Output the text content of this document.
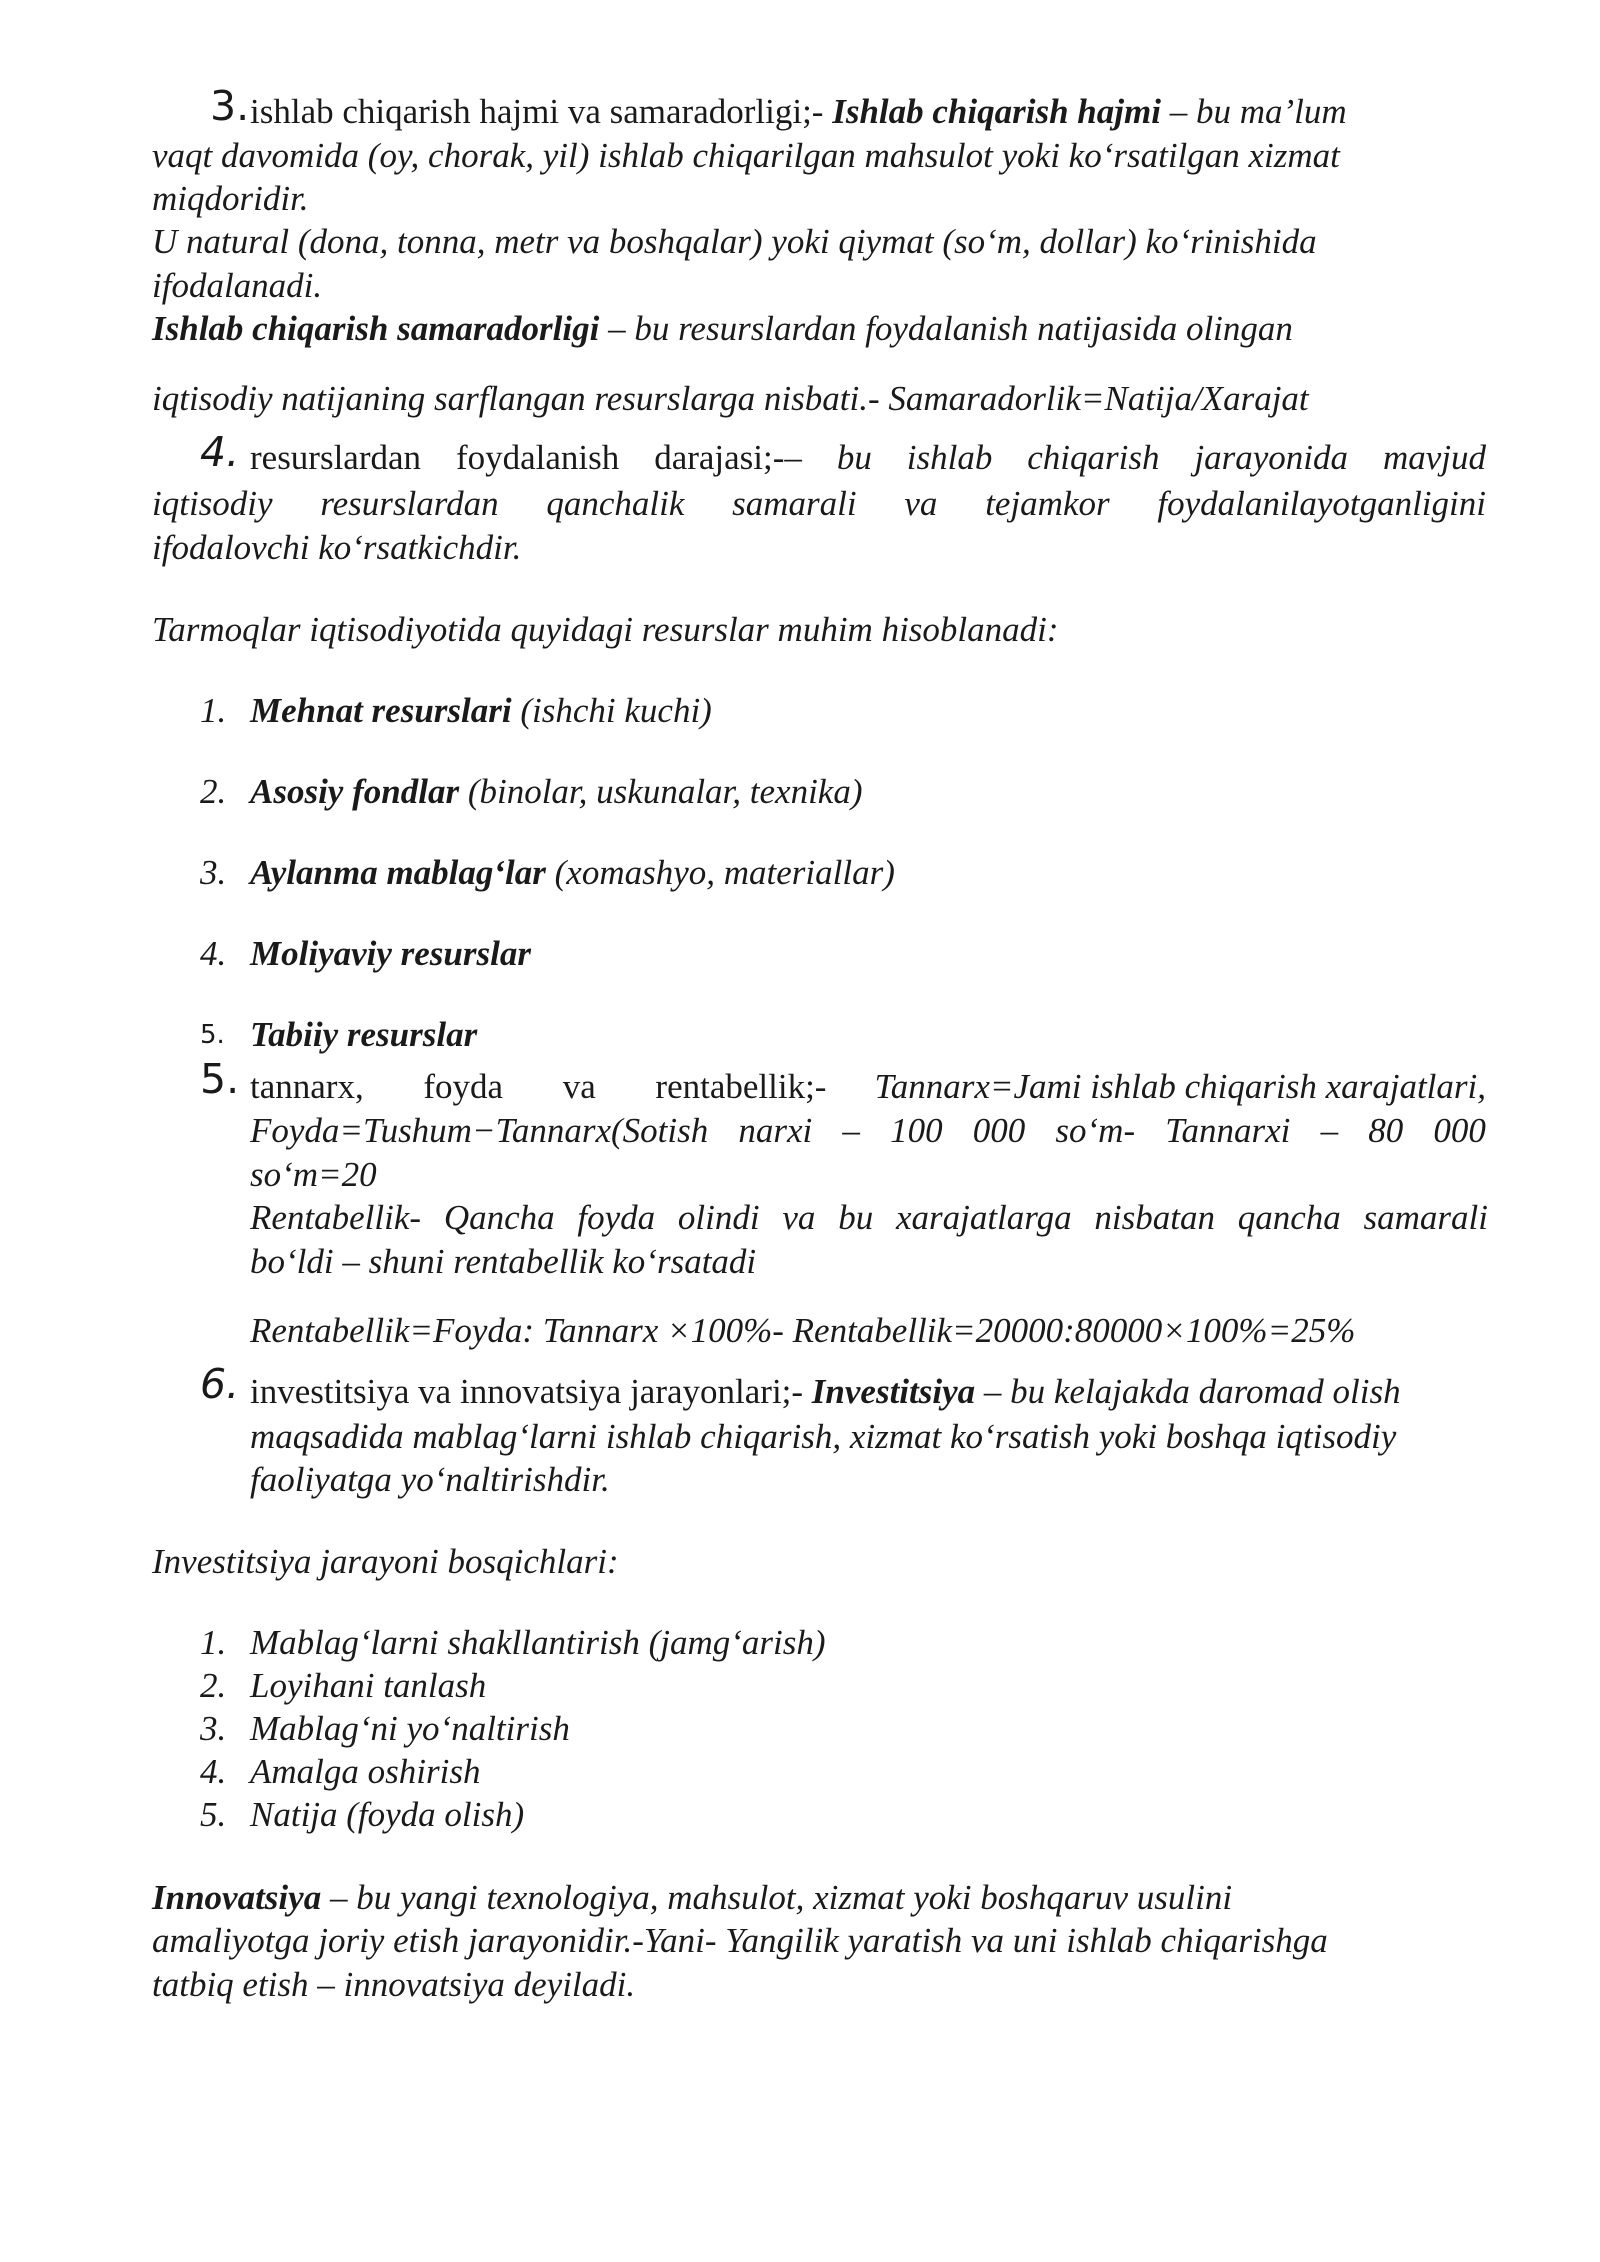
3. ishlab chiqarish hajmi va samaradorligi;- Ishlab chiqarish hajmi – bu ma’lum
vaqt davomida (oy, chorak, yil) ishlab chiqarilgan mahsulot yoki ko‘rsatilgan xizmat
miqdoridir.
U natural (dona, tonna, metr va boshqalar) yoki qiymat (so‘m, dollar) ko‘rinishida
ifodalanadi.
Ishlab chiqarish samaradorligi – bu resurslardan foydalanish natijasida olingan
iqtisodiy natijaning sarflangan resurslarga nisbati.- Samaradorlik=Natija/Xarajat
4. resurslardan foydalanish darajasi;-– bu ishlab chiqarish jarayonida mavjud
iqtisodiy resurslardan qanchalik samarali va tejamkor foydalanilayotganligini
ifodalovchi ko‘rsatkichdir.
Tarmoqlar iqtisodiyotida quyidagi resurslar muhim hisoblanadi:
1. Mehnat resurslari (ishchi kuchi)
2. Asosiy fondlar (binolar, uskunalar, texnika)
3. Aylanma mablag‘lar (xomashyo, materiallar)
4. Moliyaviy resurslar
5. Tabiiy resurslar
5. tannarx, foyda va rentabellik;- Tannarx=Jami ishlab chiqarish xarajatlari,
Foyda=Tushum−Tannarx(Sotish narxi – 100 000 so‘m- Tannarxi – 80 000
so‘m=20
Rentabellik- Qancha foyda olindi va bu xarajatlarga nisbatan qancha samarali
bo‘ldi – shuni rentabellik ko‘rsatadi
Rentabellik=Foyda: Tannarx ×100%- Rentabellik=20000:80000×100%=25%
6. investitsiya va innovatsiya jarayonlari;- Investitsiya – bu kelajakda daromad olish
maqsadida mablag‘larni ishlab chiqarish, xizmat ko‘rsatish yoki boshqa iqtisodiy
faoliyatga yo‘naltirishdir.
Investitsiya jarayoni bosqichlari:
1. Mablag‘larni shakllantirish (jamg‘arish)
2. Loyihani tanlash
3. Mablag‘ni yo‘naltirish
4. Amalga oshirish
5. Natija (foyda olish)
Innovatsiya – bu yangi texnologiya, mahsulot, xizmat yoki boshqaruv usulini
amaliyotga joriy etish jarayonidir.-Yani- Yangilik yaratish va uni ishlab chiqarishga
tatbiq etish – innovatsiya deyiladi.
